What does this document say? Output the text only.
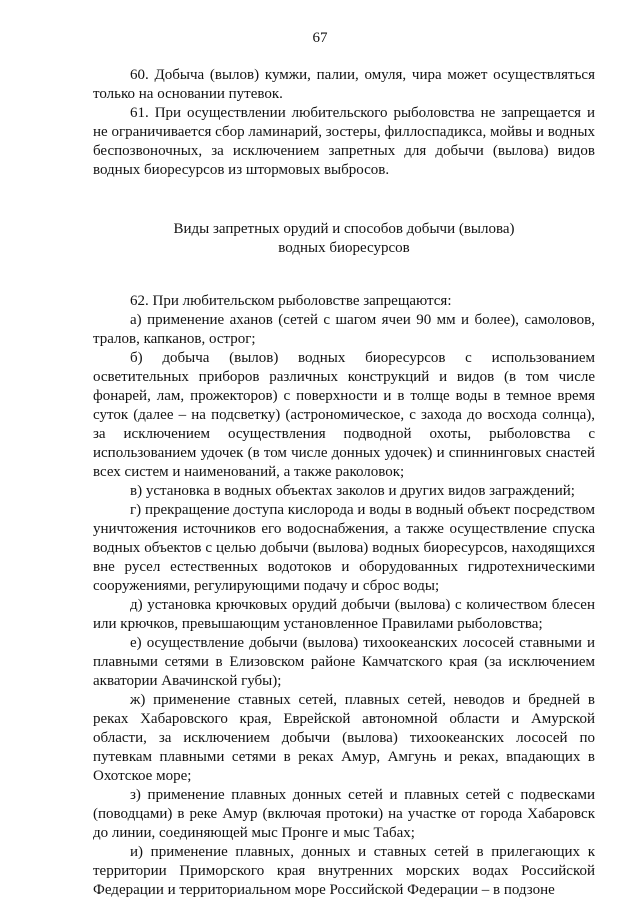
67

60. Добыча (вылов) кумжи, палии, омуля, чира может осуществляться только на основании путевок.

61. При осуществлении любительского рыболовства не запрещается и не ограничивается сбор ламинарий, зостеры, филлоспадикса, мойвы и водных беспозвоночных, за исключением запретных для добычи (вылова) видов водных биоресурсов из штормовых выбросов.

Виды запретных орудий и способов добычи (вылова)
водных биоресурсов

62. При любительском рыболовстве запрещаются:

а) применение аханов (сетей с шагом ячеи 90 мм и более), самоловов, тралов, капканов, острог;

б) добыча (вылов) водных биоресурсов с использованием осветительных приборов различных конструкций и видов (в том числе фонарей, лам, прожекторов) с поверхности и в толще воды в темное время суток (далее – на подсветку) (астрономическое, с захода до восхода солнца), за исключением осуществления подводной охоты, рыболовства с использованием удочек (в том числе донных удочек) и спиннинговых снастей всех систем и наименований, а также раколовок;

в) установка в водных объектах заколов и других видов заграждений;

г) прекращение доступа кислорода и воды в водный объект посредством уничтожения источников его водоснабжения, а также осуществление спуска водных объектов с целью добычи (вылова) водных биоресурсов, находящихся вне русел естественных водотоков и оборудованных гидротехническими сооружениями, регулирующими подачу и сброс воды;

д) установка крючковых орудий добычи (вылова) с количеством блесен или крючков, превышающим установленное Правилами рыболовства;

е) осуществление добычи (вылова) тихоокеанских лососей ставными и плавными сетями в Елизовском районе Камчатского края (за исключением акватории Авачинской губы);

ж) применение ставных сетей, плавных сетей, неводов и бредней в реках Хабаровского края, Еврейской автономной области и Амурской области, за исключением добычи (вылова) тихоокеанских лососей по путевкам плавными сетями в реках Амур, Амгунь и реках, впадающих в Охотское море;

з) применение плавных донных сетей и плавных сетей с подвесками (поводцами) в реке Амур (включая протоки) на участке от города Хабаровск до линии, соединяющей мыс Пронге и мыс Табах;

и) применение плавных, донных и ставных сетей в прилегающих к территории Приморского края внутренних морских водах Российской Федерации и территориальном море Российской Федерации – в подзоне
